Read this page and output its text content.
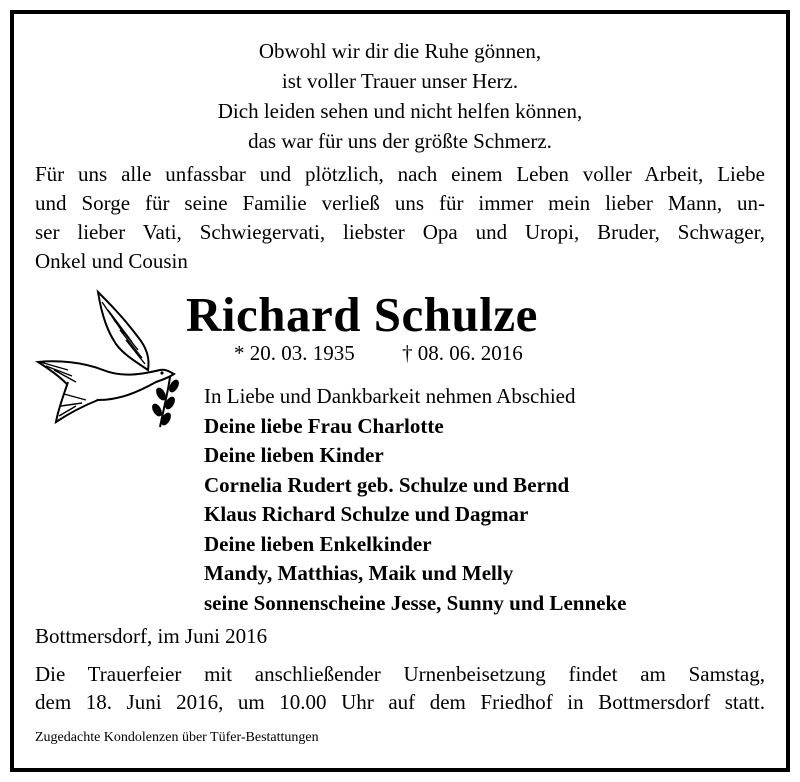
Obwohl wir dir die Ruhe gönnen,
ist voller Trauer unser Herz.
Dich leiden sehen und nicht helfen können,
das war für uns der größte Schmerz.
Für uns alle unfassbar und plötzlich, nach einem Leben voller Arbeit, Liebe
und Sorge für seine Familie verließ uns für immer mein lieber Mann, un-
ser lieber Vati, Schwiegervati, liebster Opa und Uropi, Bruder, Schwager,
Onkel und Cousin
Richard Schulze
* 20. 03. 1935 † 08. 06. 2016
In Liebe und Dankbarkeit nehmen Abschied
Deine liebe Frau Charlotte
Deine lieben Kinder
Cornelia Rudert geb. Schulze und Bernd
Klaus Richard Schulze und Dagmar
Deine lieben Enkelkinder
Mandy, Matthias, Maik und Melly
seine Sonnenscheine Jesse, Sunny und Lenneke
Bottmersdorf, im Juni 2016
Die Trauerfeier mit anschließender Urnenbeisetzung findet am Samstag,
dem 18. Juni 2016, um 10.00 Uhr auf dem Friedhof in Bottmersdorf statt.
Zugedachte Kondolenzen über Tüfer-Bestattungen
